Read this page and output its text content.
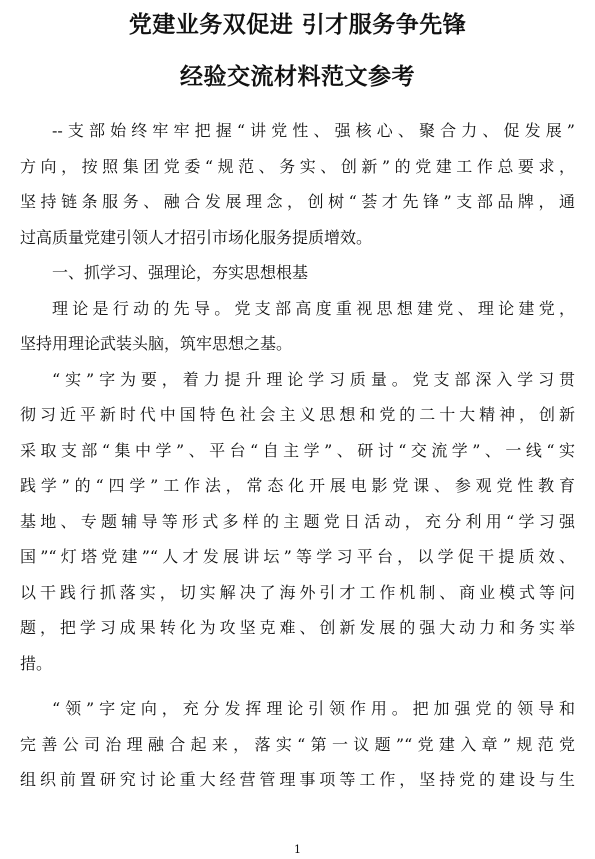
党建业务双促进 引才服务争先锋
经验交流材料范文参考
--支部始终牢牢把握“讲党性、强核心、聚合力、促发展”
方向，按照集团党委“规范、务实、创新”的党建工作总要求，
坚持链条服务、融合发展理念，创树“荟才先锋”支部品牌，通
过高质量党建引领人才招引市场化服务提质增效。
一、抓学习、强理论，夯实思想根基
理论是行动的先导。党支部高度重视思想建党、理论建党，
坚持用理论武装头脑，筑牢思想之基。
“实”字为要，着力提升理论学习质量。党支部深入学习贯
彻习近平新时代中国特色社会主义思想和党的二十大精神，创新
采取支部“集中学”、平台“自主学”、研讨“交流学”、一线“实
践学”的“四学”工作法，常态化开展电影党课、参观党性教育
基地、专题辅导等形式多样的主题党日活动，充分利用“学习强
国”“灯塔党建”“人才发展讲坛”等学习平台，以学促干提质效、
以干践行抓落实，切实解决了海外引才工作机制、商业模式等问
题，把学习成果转化为攻坚克难、创新发展的强大动力和务实举
措。
“领”字定向，充分发挥理论引领作用。把加强党的领导和
完善公司治理融合起来，落实“第一议题”“党建入章”规范党
组织前置研究讨论重大经营管理事项等工作，坚持党的建设与生
1
